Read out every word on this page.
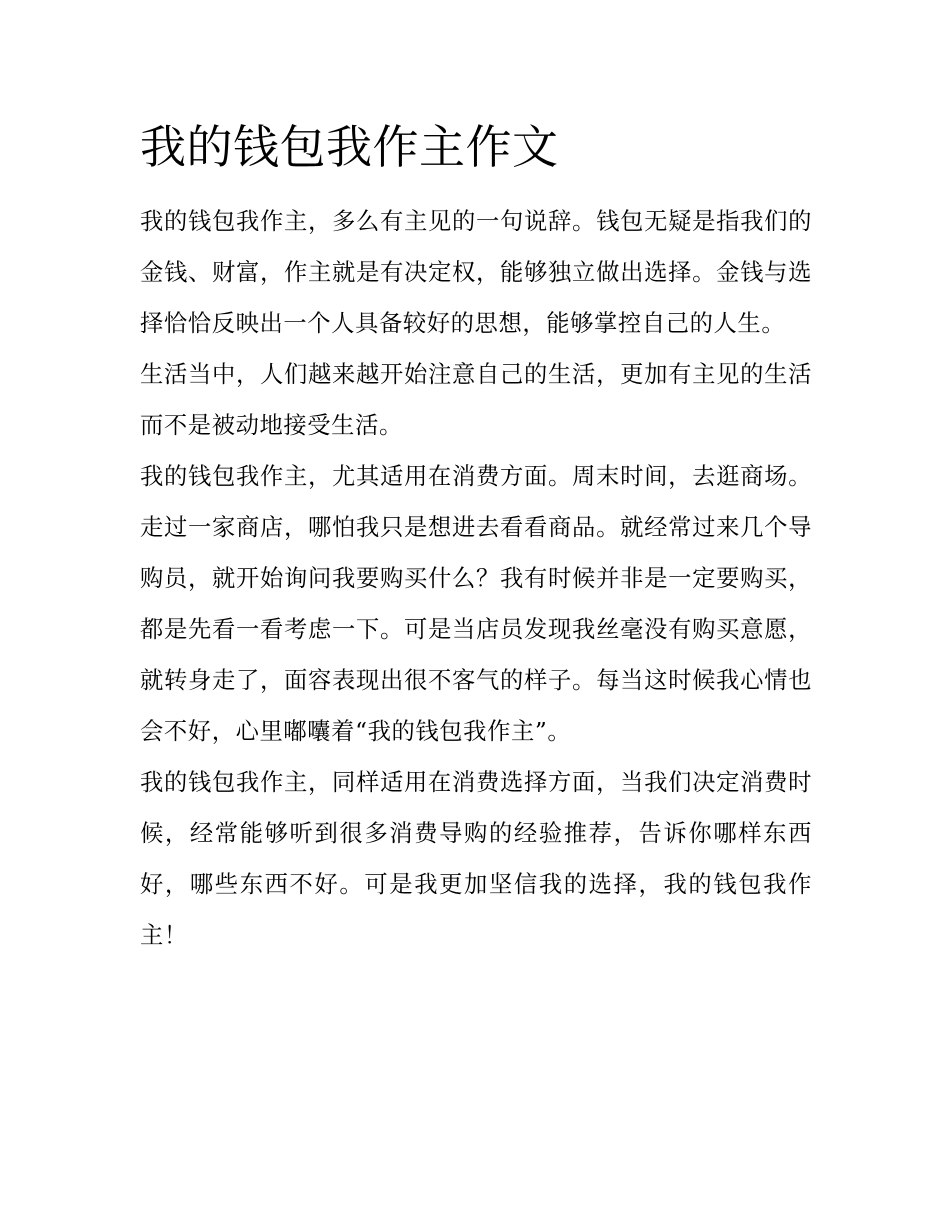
我的钱包我作主作文

我的钱包我作主，多么有主见的一句说辞。钱包无疑是指我们的金钱、财富，作主就是有决定权，能够独立做出选择。金钱与选择恰恰反映出一个人具备较好的思想，能够掌控自己的人生。

生活当中，人们越来越开始注意自己的生活，更加有主见的生活而不是被动地接受生活。

我的钱包我作主，尤其适用在消费方面。周末时间，去逛商场。走过一家商店，哪怕我只是想进去看看商品。就经常过来几个导购员，就开始询问我要购买什么？我有时候并非是一定要购买，都是先看一看考虑一下。可是当店员发现我丝毫没有购买意愿，就转身走了，面容表现出很不客气的样子。每当这时候我心情也会不好，心里嘟囔着“我的钱包我作主”。

我的钱包我作主，同样适用在消费选择方面，当我们决定消费时候，经常能够听到很多消费导购的经验推荐，告诉你哪样东西好，哪些东西不好。可是我更加坚信我的选择，我的钱包我作主！
